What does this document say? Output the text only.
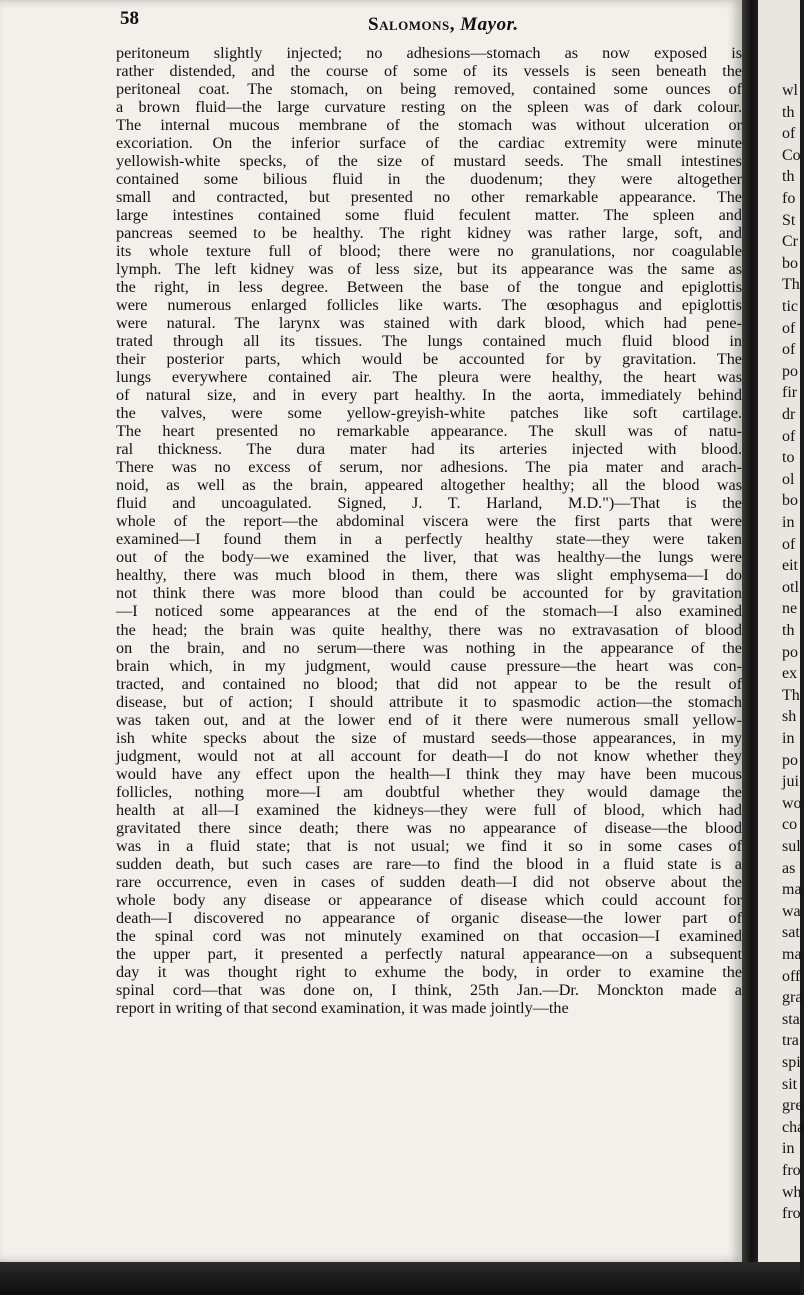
58	Salomons, Mayor.
peritoneum slightly injected; no adhesions—stomach as now exposed is
rather distended, and the course of some of its vessels is seen beneath the
peritoneal coat. The stomach, on being removed, contained some ounces of
a brown fluid—the large curvature resting on the spleen was of dark colour.
The internal mucous membrane of the stomach was without ulceration or
excoriation. On the inferior surface of the cardiac extremity were minute
yellowish-white specks, of the size of mustard seeds. The small intestines
contained some bilious fluid in the duodenum; they were altogether
small and contracted, but presented no other remarkable appearance. The
large intestines contained some fluid feculent matter. The spleen and
pancreas seemed to be healthy. The right kidney was rather large, soft, and
its whole texture full of blood; there were no granulations, nor coagulable
lymph. The left kidney was of less size, but its appearance was the same as
the right, in less degree. Between the base of the tongue and epiglottis
were numerous enlarged follicles like warts. The œsophagus and epiglottis
were natural. The larynx was stained with dark blood, which had pene-
trated through all its tissues. The lungs contained much fluid blood in
their posterior parts, which would be accounted for by gravitation. The
lungs everywhere contained air. The pleura were healthy, the heart was
of natural size, and in every part healthy. In the aorta, immediately behind
the valves, were some yellow-greyish-white patches like soft cartilage.
The heart presented no remarkable appearance. The skull was of natu-
ral thickness. The dura mater had its arteries injected with blood.
There was no excess of serum, nor adhesions. The pia mater and arach-
noid, as well as the brain, appeared altogether healthy; all the blood was
fluid and uncoagulated. Signed, J. T. Harland, M.D.")—That is the
whole of the report—the abdominal viscera were the first parts that were
examined—I found them in a perfectly healthy state—they were taken
out of the body—we examined the liver, that was healthy—the lungs were
healthy, there was much blood in them, there was slight emphysema—I do
not think there was more blood than could be accounted for by gravitation
—I noticed some appearances at the end of the stomach—I also examined
the head; the brain was quite healthy, there was no extravasation of blood
on the brain, and no serum—there was nothing in the appearance of the
brain which, in my judgment, would cause pressure—the heart was con-
tracted, and contained no blood; that did not appear to be the result of
disease, but of action; I should attribute it to spasmodic action—the stomach
was taken out, and at the lower end of it there were numerous small yellow-
ish white specks about the size of mustard seeds—those appearances, in my
judgment, would not at all account for death—I do not know whether they
would have any effect upon the health—I think they may have been mucous
follicles, nothing more—I am doubtful whether they would damage the
health at all—I examined the kidneys—they were full of blood, which had
gravitated there since death; there was no appearance of disease—the blood
was in a fluid state; that is not usual; we find it so in some cases of
sudden death, but such cases are rare—to find the blood in a fluid state is a
rare occurrence, even in cases of sudden death—I did not observe about the
whole body any disease or appearance of disease which could account for
death—I discovered no appearance of organic disease—the lower part of
the spinal cord was not minutely examined on that occasion—I examined
the upper part, it presented a perfectly natural appearance—on a subsequent
day it was thought right to exhume the body, in order to examine the
spinal cord—that was done on, I think, 25th Jan.—Dr. Monckton made a
report in writing of that second examination, it was made jointly—the
wl
th
of
Co
th
fo
St
Cr
bo
Th
tic
of
of
po
fir
dr
of
to
ol
bo
in
of
eit
otl
ne
th
po
ex
Th
sh
in
po
jui
wo
co
sul
as
ma
wa
sat
ma
off
gra
sta
tra
spi
sit
gre
cha
in
fro
wh
fro
